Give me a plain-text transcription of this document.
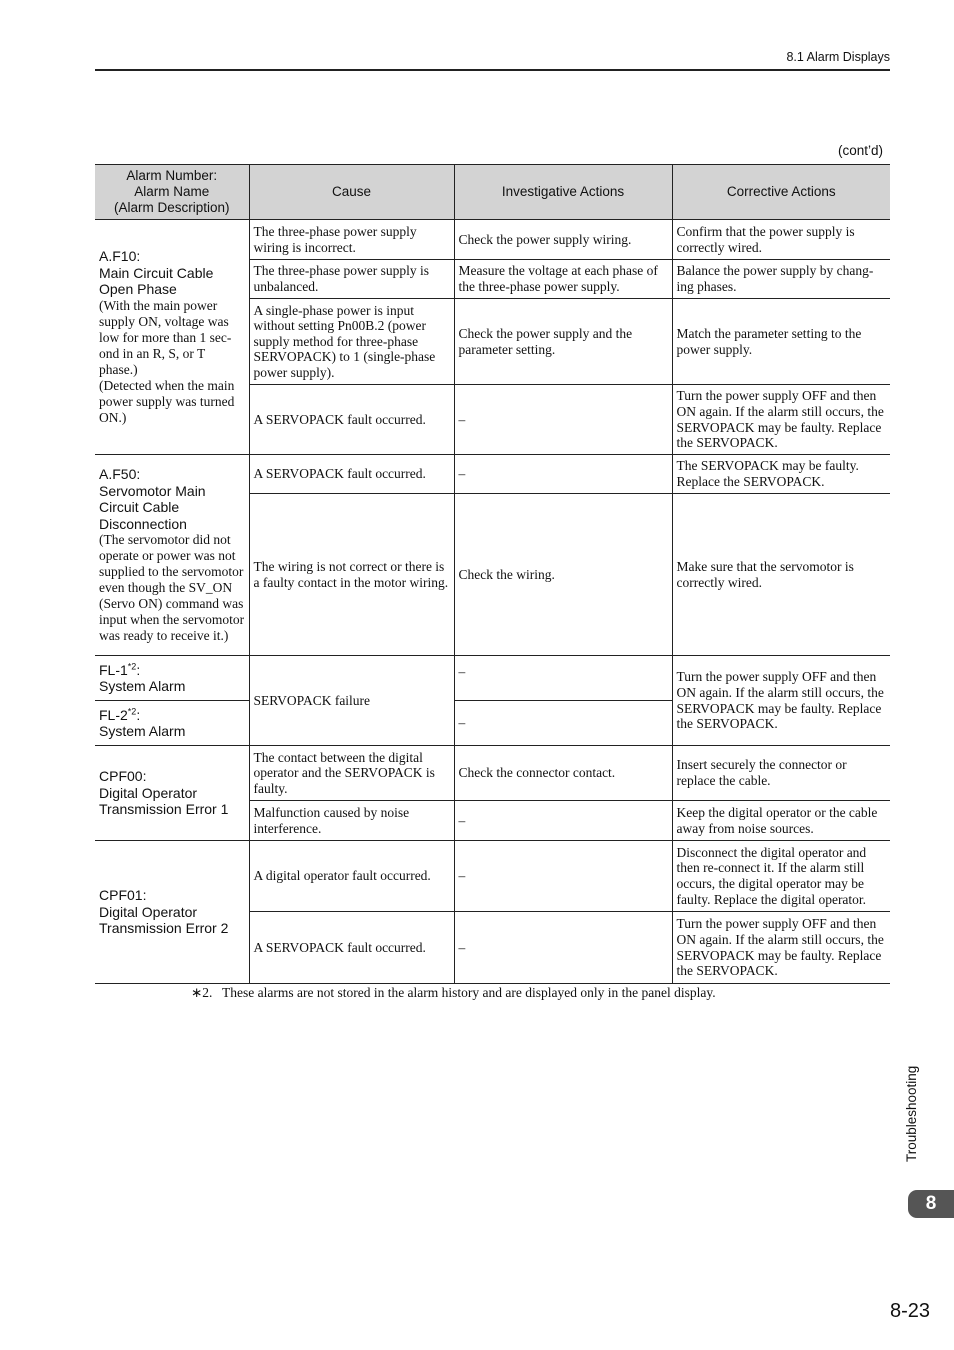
8.1 Alarm Displays
(cont’d)
Alarm Number:
Alarm Name
(Alarm Description)	Cause	Investigative Actions	Corrective Actions

A.F10:
Main Circuit Cable Open Phase
(With the main power supply ON, voltage was low for more than 1 second in an R, S, or T phase.)
(Detected when the main power supply was turned ON.)	The three-phase power supply wiring is incorrect.	Check the power supply wiring.	Confirm that the power supply is correctly wired.
	The three-phase power supply is unbalanced.	Measure the voltage at each phase of the three-phase power supply.	Balance the power supply by changing phases.
	A single-phase power is input without setting Pn00B.2 (power supply method for three-phase SERVOPACK) to 1 (single-phase power supply).	Check the power supply and the parameter setting.	Match the parameter setting to the power supply.
	A SERVOPACK fault occurred.	–	Turn the power supply OFF and then ON again. If the alarm still occurs, the SERVOPACK may be faulty. Replace the SERVOPACK.

A.F50:
Servomotor Main Circuit Cable Disconnection
(The servomotor did not operate or power was not supplied to the servomotor even though the SV_ON (Servo ON) command was input when the servomotor was ready to receive it.)	A SERVOPACK fault occurred.	–	The SERVOPACK may be faulty. Replace the SERVOPACK.
	The wiring is not correct or there is a faulty contact in the motor wiring.	Check the wiring.	Make sure that the servomotor is correctly wired.

FL-1$^{*2}$:
System Alarm	SERVOPACK failure	–	Turn the power supply OFF and then ON again. If the alarm still occurs, the SERVOPACK may be faulty. Replace the SERVOPACK.

FL-2$^{*2}$:
System Alarm		–	

CPF00:
Digital Operator Transmission Error 1	The contact between the digital operator and the SERVOPACK is faulty.	Check the connector contact.	Insert securely the connector or replace the cable.
	Malfunction caused by noise interference.	–	Keep the digital operator or the cable away from noise sources.

CPF01:
Digital Operator Transmission Error 2	A digital operator fault occurred.	–	Disconnect the digital operator and then re-connect it. If the alarm still occurs, the digital operator may be faulty. Replace the digital operator.
	A SERVOPACK fault occurred.	–	Turn the power supply OFF and then ON again. If the alarm still occurs, the SERVOPACK may be faulty. Replace the SERVOPACK.
∗2. These alarms are not stored in the alarm history and are displayed only in the panel display.
Troubleshooting
8
8-23
